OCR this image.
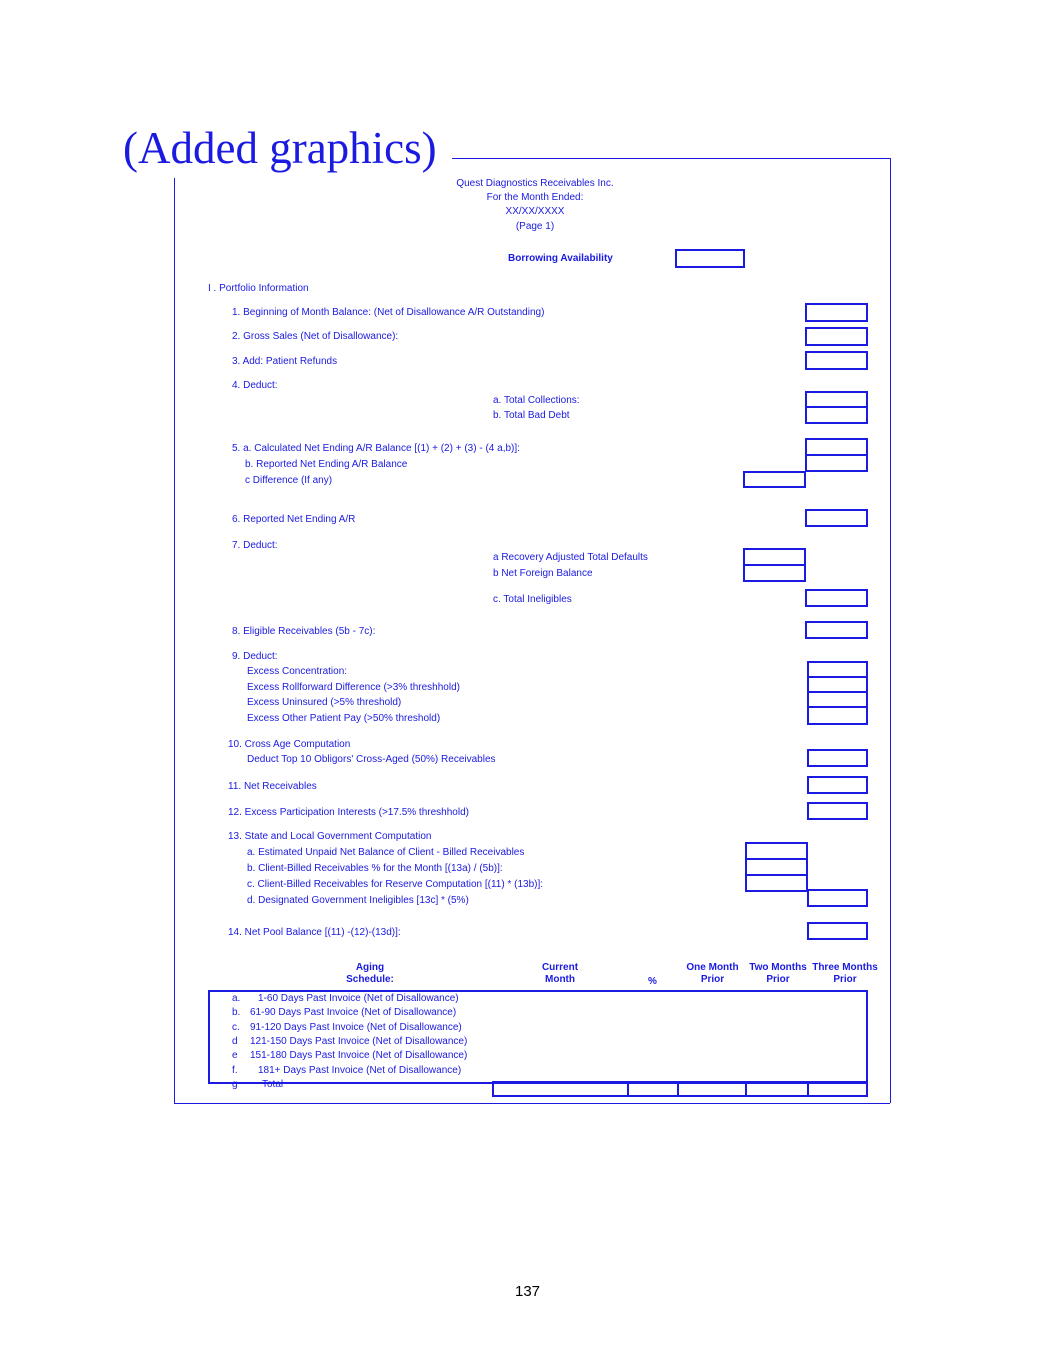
(Added graphics)
Quest Diagnostics Receivables Inc.
For the Month Ended:
XX/XX/XXXX
(Page 1)
Borrowing Availability
I . Portfolio Information
1. Beginning of Month Balance: (Net of Disallowance A/R Outstanding)
2. Gross Sales (Net of Disallowance):
3. Add: Patient Refunds
4. Deduct:
a. Total Collections:
b. Total Bad Debt
5. a. Calculated Net Ending A/R Balance [(1) + (2) + (3) - (4 a,b)]:
b. Reported Net Ending A/R Balance
c Difference (If any)
6. Reported Net Ending A/R
7. Deduct:
a Recovery Adjusted Total Defaults
b Net Foreign Balance
c. Total Ineligibles
8. Eligible Receivables (5b - 7c):
9. Deduct:
Excess Concentration:
Excess Rollforward Difference (>3% threshhold)
Excess Uninsured (>5% threshold)
Excess Other Patient Pay (>50% threshold)
10. Cross Age Computation
Deduct Top 10 Obligors' Cross-Aged (50%) Receivables
11. Net Receivables
12. Excess Participation Interests (>17.5% threshhold)
13. State and Local Government Computation
a. Estimated Unpaid Net Balance of Client - Billed Receivables
b. Client-Billed Receivables % for the Month [(13a) / (5b)]:
c. Client-Billed Receivables for Reserve Computation [(11) * (13b)]:
d. Designated Government Ineligibles [13c] * (5%)
14. Net Pool Balance [(11) -(12)-(13d)]:
Aging
Schedule:
Current
Month	%
One Month
Prior
Two Months
Prior
Three Months
Prior
a. 1-60 Days Past Invoice (Net of Disallowance)
b. 61-90 Days Past Invoice (Net of Disallowance)
c. 91-120 Days Past Invoice (Net of Disallowance)
d 121-150 Days Past Invoice (Net of Disallowance)
e 151-180 Days Past Invoice (Net of Disallowance)
f. 181+ Days Past Invoice (Net of Disallowance)
g Total
137
